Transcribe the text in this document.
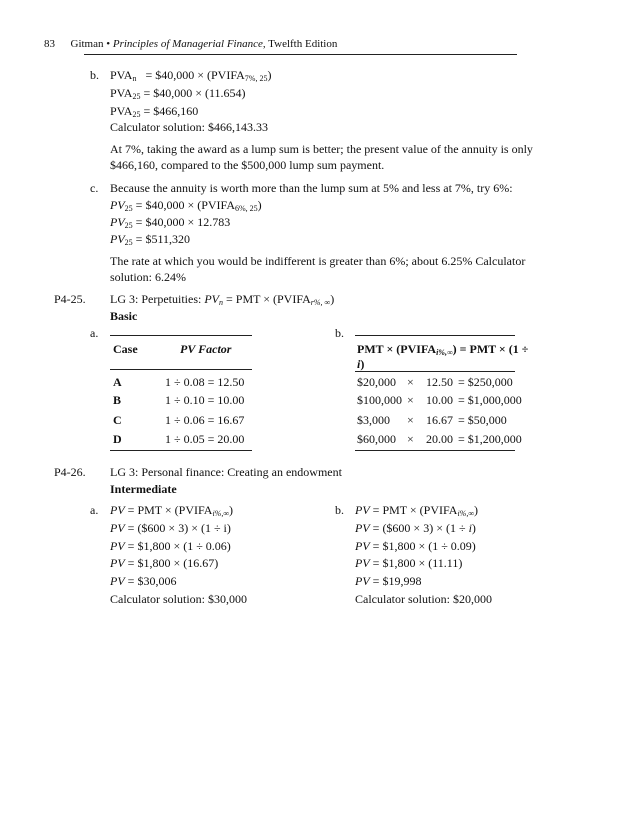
83 Gitman • Principles of Managerial Finance, Twelfth Edition
b. $PVA_n$ = $40,000 × $(PVIFA_{7\%, 25})$
$PVA_{25}$ = $40,000 × (11.654)
$PVA_{25}$ = $466,160
Calculator solution: $466,143.33
At 7%, taking the award as a lump sum is better; the present value of the annuity is only
$466,160, compared to the $500,000 lump sum payment.
c. Because the annuity is worth more than the lump sum at 5% and less at 7%, try 6%:
$PV_{25}$ = $40,000 × $(PVIFA_{6\%, 25})$
$PV_{25}$ = $40,000 × 12.783
$PV_{25}$ = $511,320
The rate at which you would be indifferent is greater than 6%; about 6.25% Calculator
solution: 6.24%
P4-25. LG 3: Perpetuities: $PV_n$ = PMT × $(PVIFA_{r\%, \infty})$
Basic
a.	b.
Case	PV Factor
A	1 ÷ 0.08 = 12.50
B	1 ÷ 0.10 = 10.00
C	1 ÷ 0.06 = 16.67
D	1 ÷ 0.05 = 20.00
PMT × $(PVIFA_{i\%,\infty})$ = PMT × (1 ÷
i)
$20,000 × 12.50 = $250,000
$100,000 × 10.00 = $1,000,000
$3,000 × 16.67 = $50,000
$60,000 × 20.00 = $1,200,000
P4-26. LG 3: Personal finance: Creating an endowment
Intermediate
a. PV = PMT × $(PVIFA_{i\%,\infty})$
PV = ($600 × 3) × (1 ÷ i)
PV = $1,800 × (1 ÷ 0.06)
PV = $1,800 × (16.67)
PV = $30,006
Calculator solution: $30,000
b. PV = PMT × $(PVIFA_{i\%,\infty})$
PV = ($600 × 3) × (1 ÷ i)
PV = $1,800 × (1 ÷ 0.09)
PV = $1,800 × (11.11)
PV = $19,998
Calculator solution: $20,000
